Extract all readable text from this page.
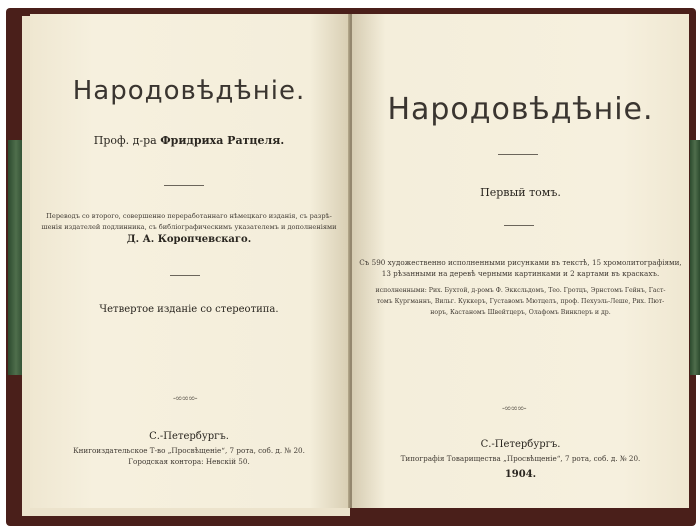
Народовѣдѣнiе.
Проф. д-ра Фридриха Ратцеля.
Переводъ со второго, совершенно переработаннаго нѣмецкаго изданiя, съ разрѣ-
шенiя издателей подлинника, съ библiографическимъ указателемъ и дополненiями
Д. А. Коропчевскаго.
Четвертое изданiе со стереотипа.
-∞∞∞-
С.-Петербургъ.
Книгоиздательское Т-во „Просвѣщенiе“, 7 рота, соб. д. № 20.
Городская контора: Невскiй 50.
Народовѣдѣнiе.
Первый томъ.
Съ 590 художественно исполненными рисунками въ текстѣ, 15 хромолитографiями,
13 рѣзанными на деревѣ черными картинками и 2 картами въ краскахъ.
исполненными: Рих. Бухтой, д-ромъ Ф. Экксльдомъ, Тео. Гротцъ, Эрнстомъ Гейнъ, Гаст-
томъ Кургманнъ, Вильг. Куккеръ, Густавомъ Мютцелъ, проф. Пехуэль-Леше, Рих. Пют-
норъ, Кастаномъ Швейтцеръ, Олафомъ Винклеръ и др.
-∞∞∞-
С.-Петербургъ.
Типографiя Товарищества „Просвѣщенiе“, 7 рота, соб. д. № 20.
1904.
